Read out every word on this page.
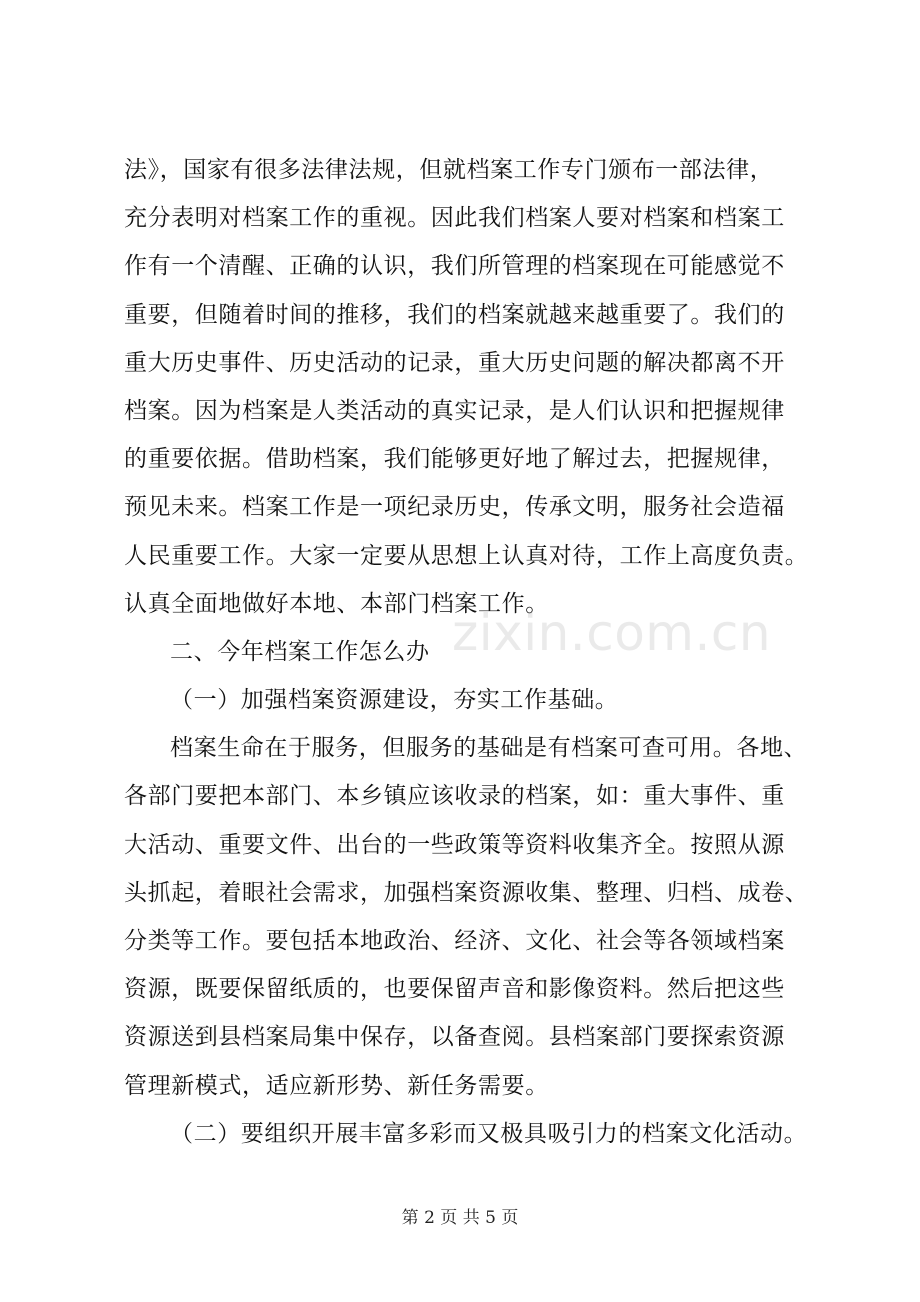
法》，国家有很多法律法规，但就档案工作专门颁布一部法律，
充分表明对档案工作的重视。因此我们档案人要对档案和档案工
作有一个清醒、正确的认识，我们所管理的档案现在可能感觉不
重要，但随着时间的推移，我们的档案就越来越重要了。我们的
重大历史事件、历史活动的记录，重大历史问题的解决都离不开
档案。因为档案是人类活动的真实记录，是人们认识和把握规律
的重要依据。借助档案，我们能够更好地了解过去，把握规律，
预见未来。档案工作是一项纪录历史，传承文明，服务社会造福
人民重要工作。大家一定要从思想上认真对待，工作上高度负责。
认真全面地做好本地、本部门档案工作。
二、今年档案工作怎么办
（一）加强档案资源建设，夯实工作基础。
档案生命在于服务，但服务的基础是有档案可查可用。各地、
各部门要把本部门、本乡镇应该收录的档案，如：重大事件、重
大活动、重要文件、出台的一些政策等资料收集齐全。按照从源
头抓起，着眼社会需求，加强档案资源收集、整理、归档、成卷、
分类等工作。要包括本地政治、经济、文化、社会等各领域档案
资源，既要保留纸质的，也要保留声音和影像资料。然后把这些
资源送到县档案局集中保存，以备查阅。县档案部门要探索资源
管理新模式，适应新形势、新任务需要。
（二）要组织开展丰富多彩而又极具吸引力的档案文化活动。
zixin.com.cn
第 2 页 共 5 页
